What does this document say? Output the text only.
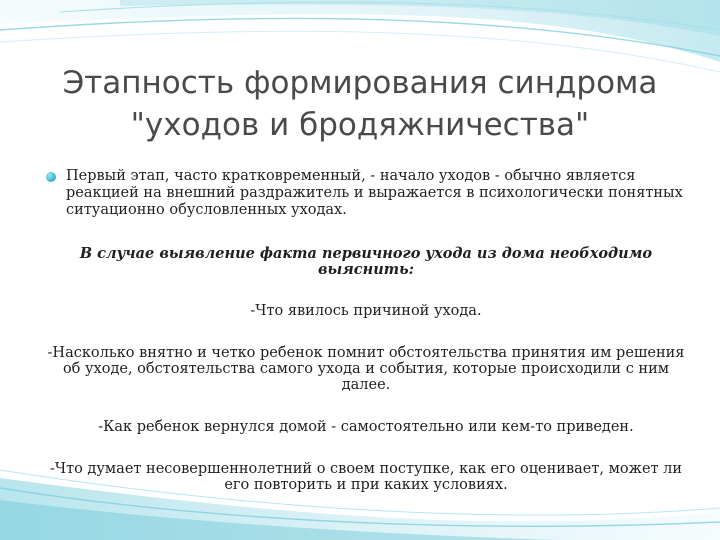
Этапность формирования синдрома
"уходов и бродяжничества"
Первый этап, часто кратковременный, - начало уходов - обычно является реакцией на внешний раздражитель и выражается в психологически понятных ситуационно обусловленных уходах.
В случае выявление факта первичного ухода из дома необходимо выяснить:
-Что явилось причиной ухода.
-Насколько внятно и четко ребенок помнит обстоятельства принятия им решения об уходе, обстоятельства самого ухода и события, которые происходили с ним далее.
-Как ребенок вернулся домой - самостоятельно или кем-то приведен.
-Что думает несовершеннолетний о своем поступке, как его оценивает, может ли его повторить и при каких условиях.
